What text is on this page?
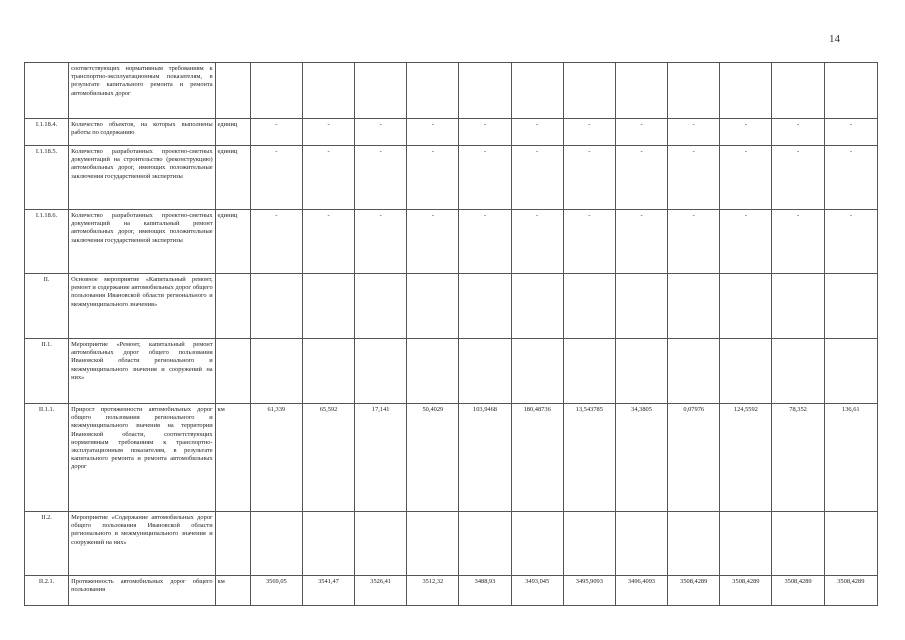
14
	соответствующих нормативным требованиям к транспортно-эксплуатационным показателям, в результате капитального ремонта и ремонта автомобильных дорог													
I.1.18.4.	Количество объектов, на которых выполнены работы по содержанию	единиц	-	-	-	-	-	-	-	-	-	-	-	-
I.1.18.5.	Количество разработанных проектно-сметных документаций на строительство (реконструкцию) автомобильных дорог, имеющих положительные заключения государственной экспертизы	единиц	-	-	-	-	-	-	-	-	-	-	-	-
I.1.18.6.	Количество разработанных проектно-сметных документаций на капитальный ремонт автомобильных дорог, имеющих положительные заключения государственной экспертизы	единиц	-	-	-	-	-	-	-	-	-	-	-	-
II.	Основное мероприятие «Капитальный ремонт, ремонт и содержание автомобильных дорог общего пользования Ивановской области регионального и межмуниципального значения»													
II.1.	Мероприятие «Ремонт, капитальный ремонт автомобильных дорог общего пользования Ивановской области регионального и межмуниципального значения и сооружений на них»													
II.1.1.	Прирост протяженности автомобильных дорог общего пользования регионального и межмуниципального значения на территории Ивановской области, соответствующих нормативным требованиям к транспортно-эксплуатационным показателям, в результате капитального ремонта и ремонта автомобильных дорог	км	61,339	65,592	17,141	50,4029	103,9468	180,48736	13,543785	34,3805	0,07976	124,5592	78,352	136,61
II.2.	Мероприятие «Содержание автомобильных дорог общего пользования Ивановской области регионального и межмуниципального значения и сооружений на них»													
II.2.1.	Протяженность автомобильных дорог общего пользования	км	3569,05	3541,47	3526,41	3512,32	3488,93	3493,045	3495,9093	3496,4093	3508,4289	3508,4289	3508,4289	3508,4289
